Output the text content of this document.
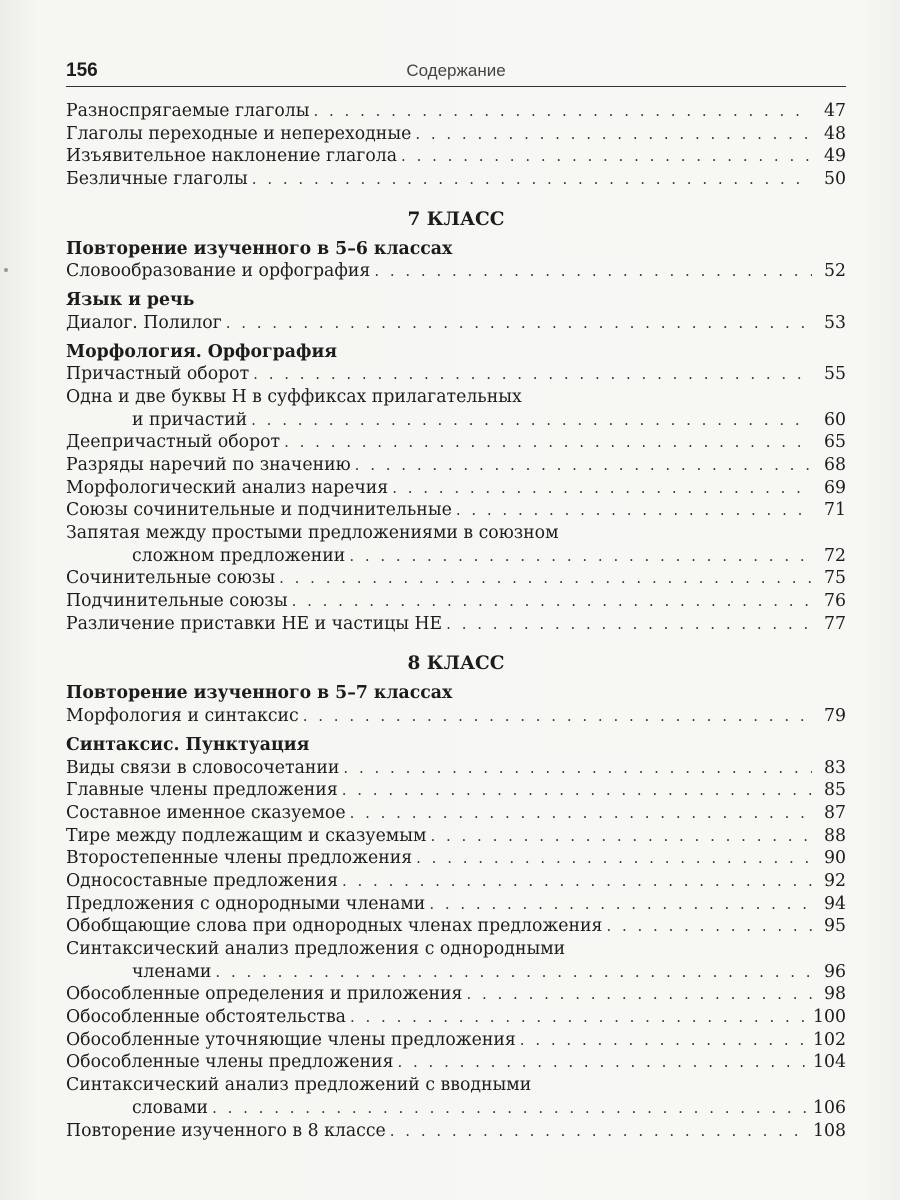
156	Содержание
Разноспрягаемые глаголы . . .	47
Глаголы переходные и непереходные . . .	48
Изъявительное наклонение глагола . . .	49
Безличные глаголы . . .	50
7 КЛАСС
Повторение изученного в 5–6 классах
Словообразование и орфография . . .	52
Язык и речь
Диалог. Полилог . . .	53
Морфология. Орфография
Причастный оборот . . .	55
Одна и две буквы Н в суффиксах прилагательных
и причастий . . .	60
Деепричастный оборот . . .	65
Разряды наречий по значению . . .	68
Морфологический анализ наречия . . .	69
Союзы сочинительные и подчинительные . . .	71
Запятая между простыми предложениями в союзном
сложном предложении . . .	72
Сочинительные союзы . . .	75
Подчинительные союзы . . .	76
Различение приставки НЕ и частицы НЕ . . .	77
8 КЛАСС
Повторение изученного в 5–7 классах
Морфология и синтаксис . . .	79
Синтаксис. Пунктуация
Виды связи в словосочетании . . .	83
Главные члены предложения . . .	85
Составное именное сказуемое . . .	87
Тире между подлежащим и сказуемым . . .	88
Второстепенные члены предложения . . .	90
Односоставные предложения . . .	92
Предложения с однородными членами . . .	94
Обобщающие слова при однородных членах предложения . . .	95
Синтаксический анализ предложения с однородными
членами . . .	96
Обособленные определения и приложения . . .	98
Обособленные обстоятельства . . .	100
Обособленные уточняющие члены предложения . . .	102
Обособленные члены предложения . . .	104
Синтаксический анализ предложений с вводными
словами . . .	106
Повторение изученного в 8 классе . . .	108
